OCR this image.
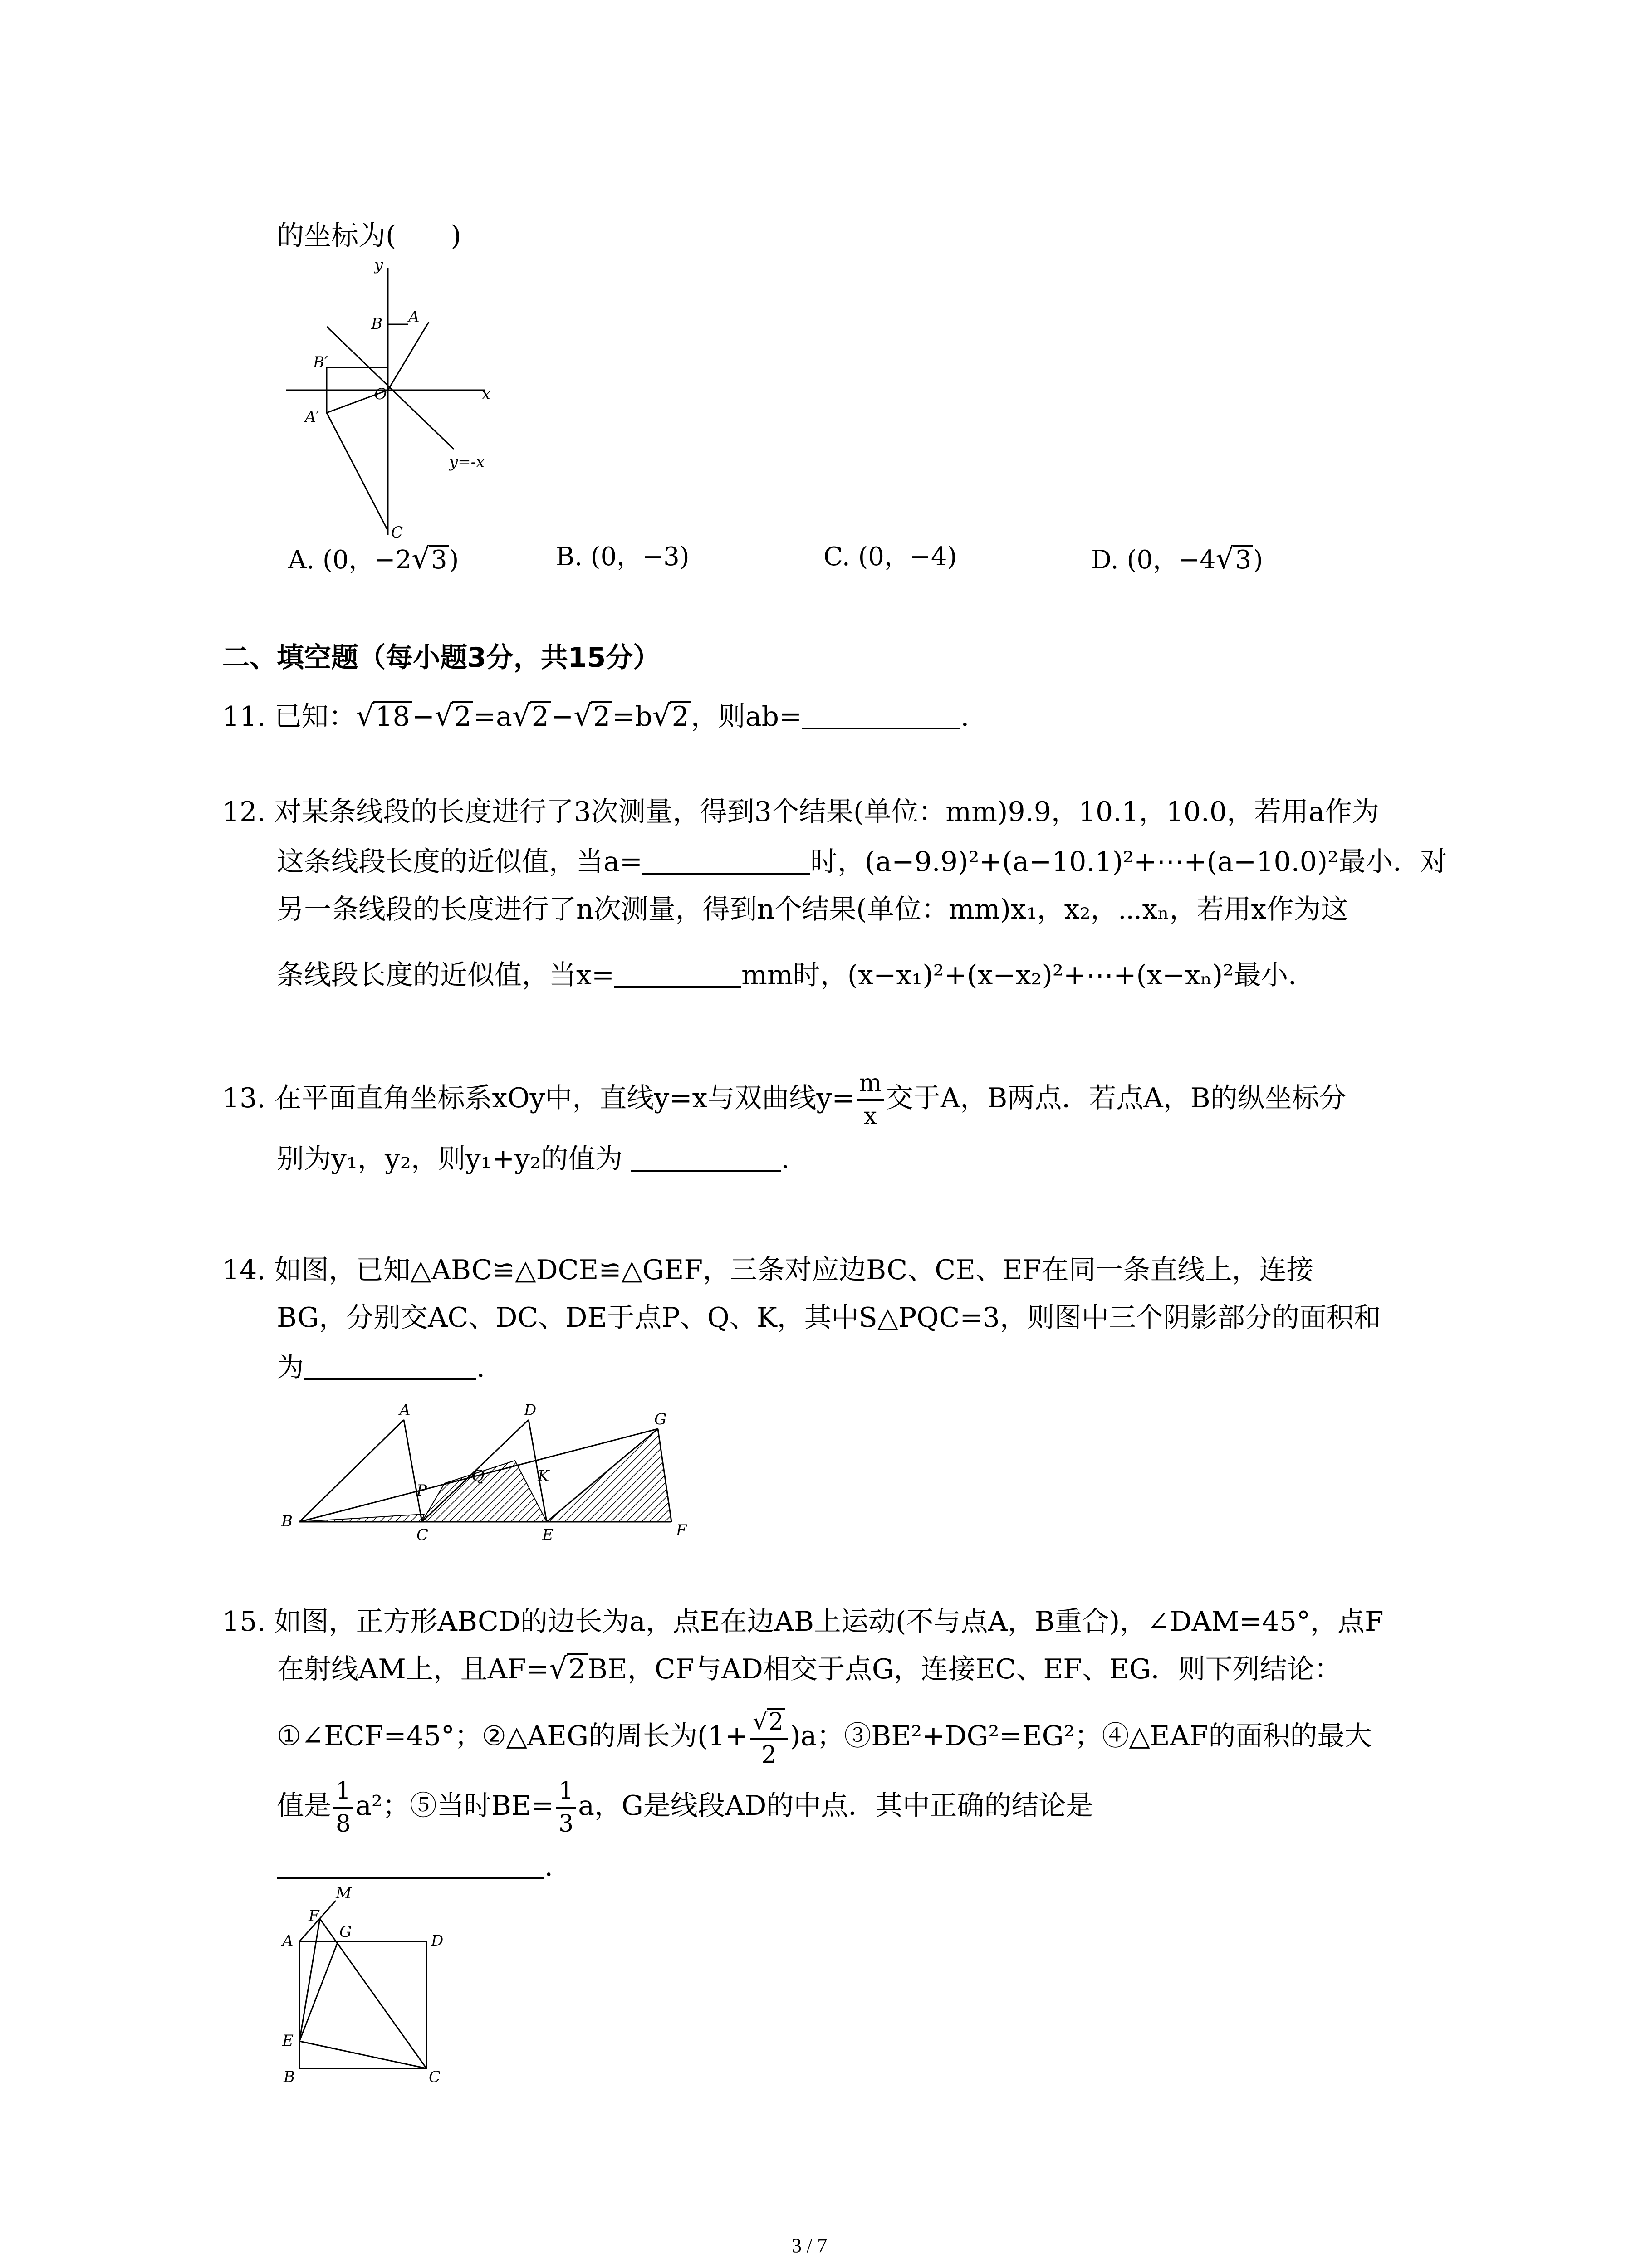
的坐标为(　　)
y
x
B A
B′
O
A′
y=-x
C
A. (0，−2√3)	B. (0，−3)	C. (0，−4)	D. (0，−4√3)
二、填空题（每小题3分，共15分）
11. 已知：√18−√2=a√2−√2=b√2，则ab=	.
12. 对某条线段的长度进行了3次测量，得到3个结果(单位：mm)9.9，10.1，10.0，若用a作为
这条线段长度的近似值，当a=	时，(a−9.9)²+(a−10.1)²+⋯+(a−10.0)²最小．对
另一条线段的长度进行了n次测量，得到n个结果(单位：mm)x₁，x₂，⋯xₙ，若用x作为这
条线段长度的近似值，当x=	mm时，(x−x₁)²+(x−x₂)²+⋯+(x−xₙ)²最小．
13. 在平面直角坐标系xOy中，直线y=x与双曲线$y= \frac{m}{x}$ 交于A，B两点．若点A，B的纵坐标分
别为y₁，y₂，则y₁+y₂的值为	.
14. 如图，已知△ABC≌△DCE≌△GEF，三条对应边BC、CE、EF在同一条直线上，连接
BG，分别交AC、DC、DE于点P、Q、K，其中S△PQC=3，则图中三个阴影部分的面积和
为	.
A	D	G
P
Q	K
B
C	E	F
15. 如图，正方形ABCD的边长为a，点E在边AB上运动(不与点A，B重合)，∠DAM=45°，点F
在射线AM上，且AF=√2BE，CF与AD相交于点G，连接EC、EF、EG．则下列结论：
①∠ECF=45°；②△AEG的周长为$(1+ \frac{√2}{2} )a$；③BE²+DG²=EG²；④△EAF的面积的最大
值是 $\frac{1}{8} a^2$；⑤当时$BE= \frac{1}{3}$ a，G是线段AD的中点．其中正确的结论是
.
M
F
G
A	D
E
B	C
3 / 7
